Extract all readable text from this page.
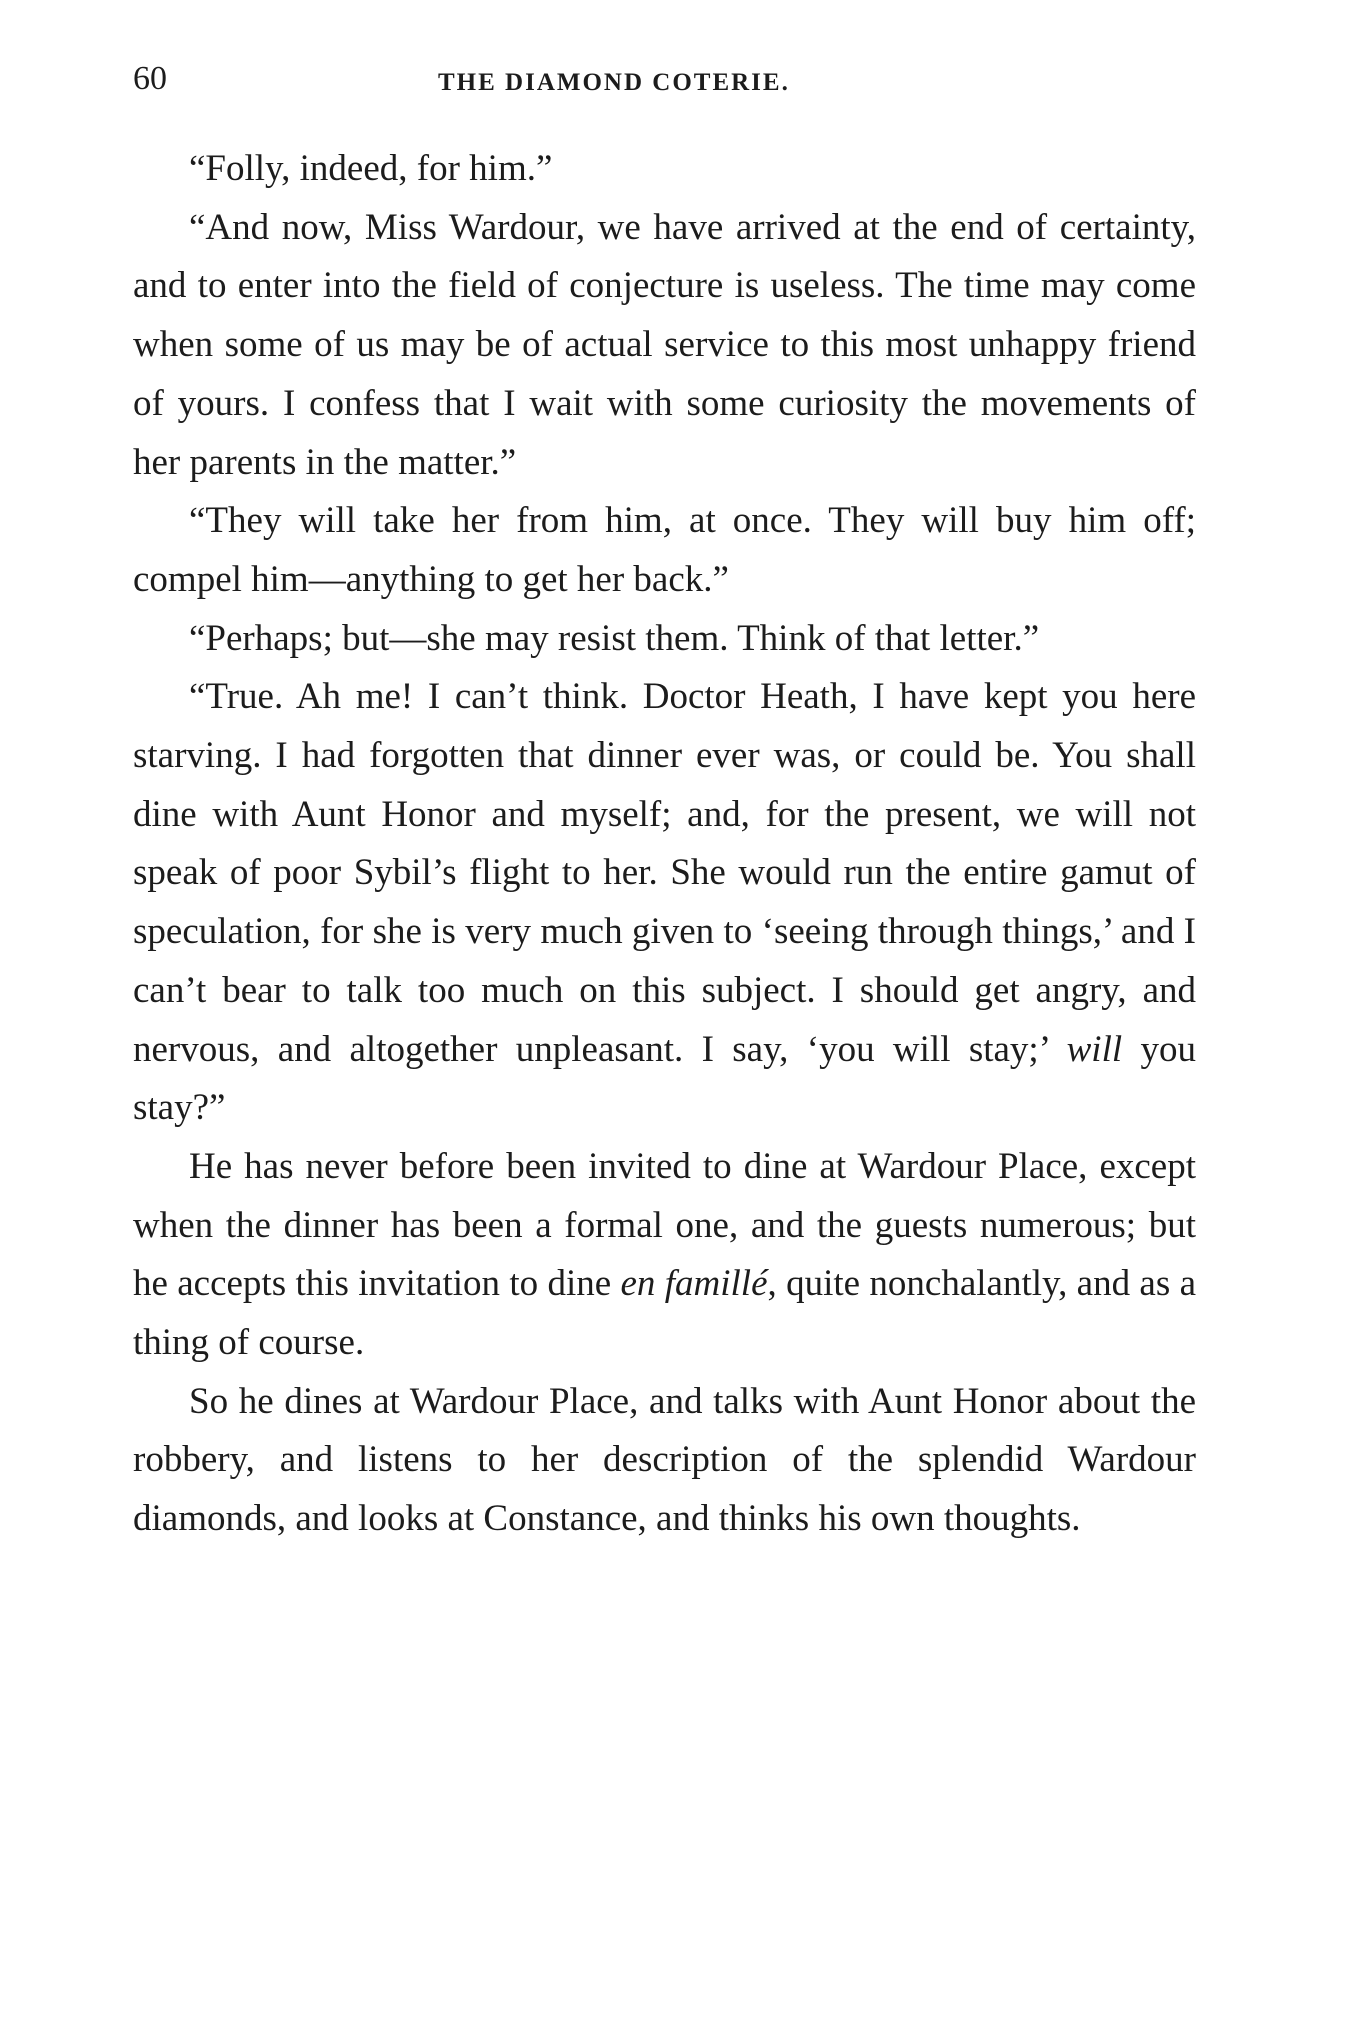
60	THE DIAMOND COTERIE.

“Folly, indeed, for him.”

“And now, Miss Wardour, we have arrived at the end of certainty, and to enter into the field of conjecture is useless. The time may come when some of us may be of actual service to this most unhappy friend of yours. I confess that I wait with some curiosity the movements of her parents in the matter.”

“They will take her from him, at once. They will buy him off; compel him—anything to get her back.”

“Perhaps; but—she may resist them. Think of that letter.”

“True. Ah me! I can’t think. Doctor Heath, I have kept you here starving. I had forgotten that dinner ever was, or could be. You shall dine with Aunt Honor and myself; and, for the present, we will not speak of poor Sybil’s flight to her. She would run the entire gamut of speculation, for she is very much given to ‘seeing through things,’ and I can’t bear to talk too much on this subject. I should get angry, and nervous, and altogether unpleasant. I say, ‘you will stay;’ will you stay?”

He has never before been invited to dine at Wardour Place, except when the dinner has been a formal one, and the guests numerous; but he accepts this invitation to dine en famillé, quite nonchalantly, and as a thing of course.

So he dines at Wardour Place, and talks with Aunt Honor about the robbery, and listens to her description of the splendid Wardour diamonds, and looks at Constance, and thinks his own thoughts.
